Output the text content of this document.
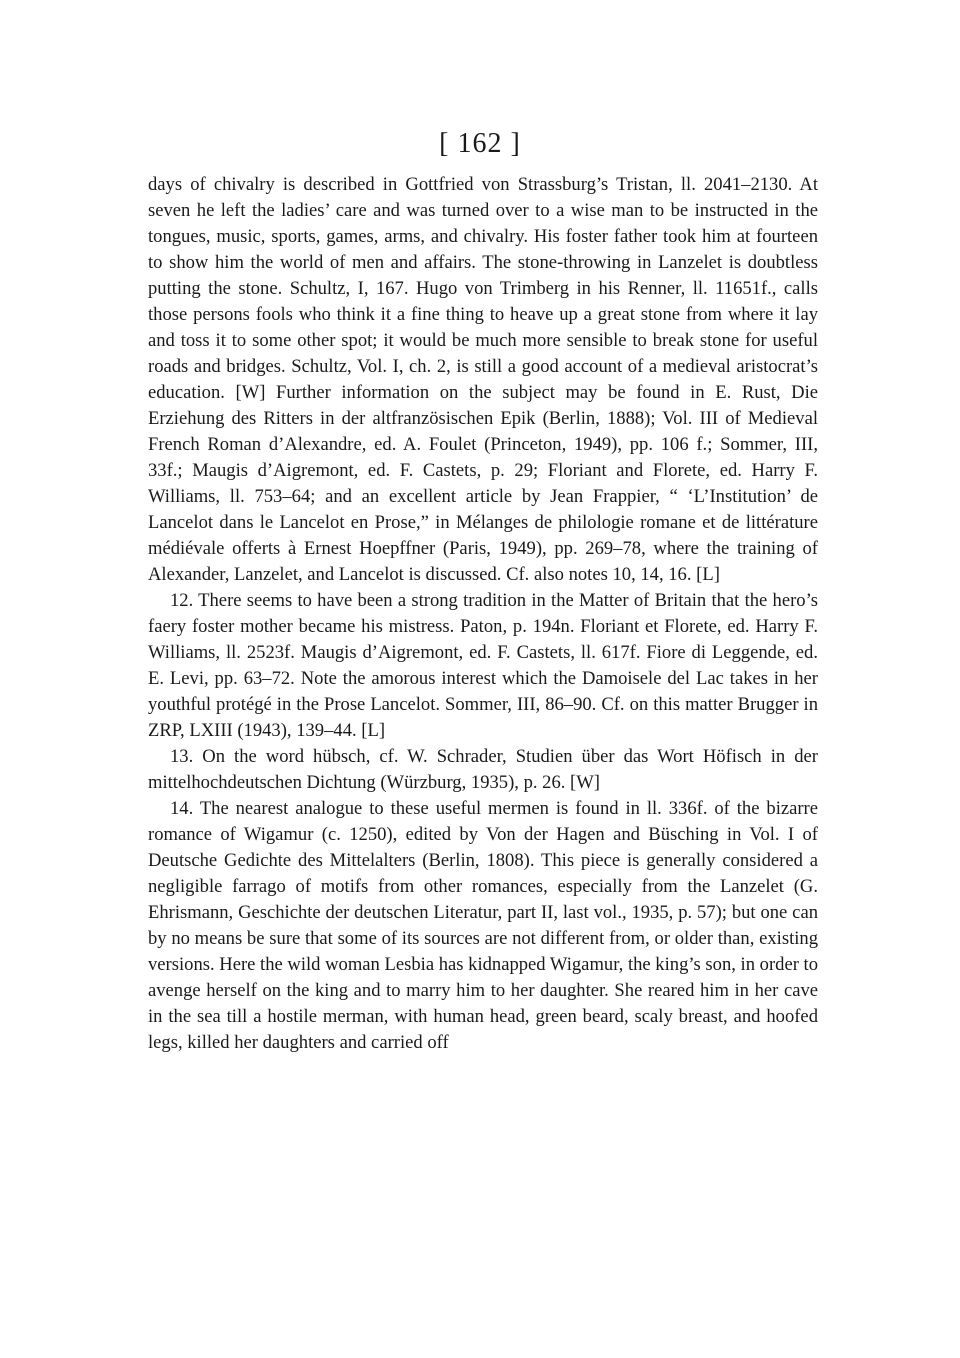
[ 162 ]

days of chivalry is described in Gottfried von Strassburg’s Tristan, ll. 2041–2130. At seven he left the ladies’ care and was turned over to a wise man to be instructed in the tongues, music, sports, games, arms, and chivalry. His foster father took him at fourteen to show him the world of men and affairs. The stone-throwing in Lanzelet is doubtless putting the stone. Schultz, I, 167. Hugo von Trimberg in his Renner, ll. 11651f., calls those persons fools who think it a fine thing to heave up a great stone from where it lay and toss it to some other spot; it would be much more sensible to break stone for useful roads and bridges. Schultz, Vol. I, ch. 2, is still a good account of a medieval aristocrat’s education. [W] Further information on the subject may be found in E. Rust, Die Erziehung des Ritters in der altfranzösischen Epik (Berlin, 1888); Vol. III of Medieval French Roman d’Alexandre, ed. A. Foulet (Princeton, 1949), pp. 106 f.; Sommer, III, 33f.; Maugis d’Aigremont, ed. F. Castets, p. 29; Floriant and Florete, ed. Harry F. Williams, ll. 753–64; and an excellent article by Jean Frappier, “ ‘L’Institution’ de Lancelot dans le Lancelot en Prose,” in Mélanges de philologie romane et de littérature médiévale offerts à Ernest Hoepffner (Paris, 1949), pp. 269–78, where the training of Alexander, Lanzelet, and Lancelot is discussed. Cf. also notes 10, 14, 16. [L]

12. There seems to have been a strong tradition in the Matter of Britain that the hero’s faery foster mother became his mistress. Paton, p. 194n. Floriant et Florete, ed. Harry F. Williams, ll. 2523f. Maugis d’Aigremont, ed. F. Castets, ll. 617f. Fiore di Leggende, ed. E. Levi, pp. 63–72. Note the amorous interest which the Damoisele del Lac takes in her youthful protégé in the Prose Lancelot. Sommer, III, 86–90. Cf. on this matter Brugger in ZRP, LXIII (1943), 139–44. [L]

13. On the word hübsch, cf. W. Schrader, Studien über das Wort Höfisch in der mittelhochdeutschen Dichtung (Würzburg, 1935), p. 26. [W]

14. The nearest analogue to these useful mermen is found in ll. 336f. of the bizarre romance of Wigamur (c. 1250), edited by Von der Hagen and Büsching in Vol. I of Deutsche Gedichte des Mittelalters (Berlin, 1808). This piece is generally considered a negligible farrago of motifs from other romances, especially from the Lanzelet (G. Ehrismann, Geschichte der deutschen Literatur, part II, last vol., 1935, p. 57); but one can by no means be sure that some of its sources are not different from, or older than, existing versions. Here the wild woman Lesbia has kidnapped Wigamur, the king’s son, in order to avenge herself on the king and to marry him to her daughter. She reared him in her cave in the sea till a hostile merman, with human head, green beard, scaly breast, and hoofed legs, killed her daughters and carried off
